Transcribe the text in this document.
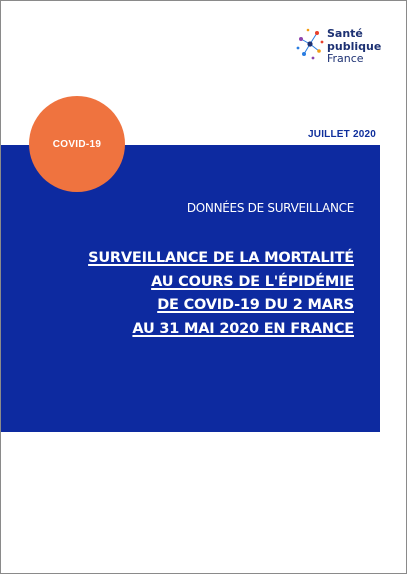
Santé
publique
France
JUILLET 2020
COVID-19
DONNÉES DE SURVEILLANCE
SURVEILLANCE DE LA MORTALITÉ
AU COURS DE L'ÉPIDÉMIE
DE COVID-19 DU 2 MARS
AU 31 MAI 2020 EN FRANCE
